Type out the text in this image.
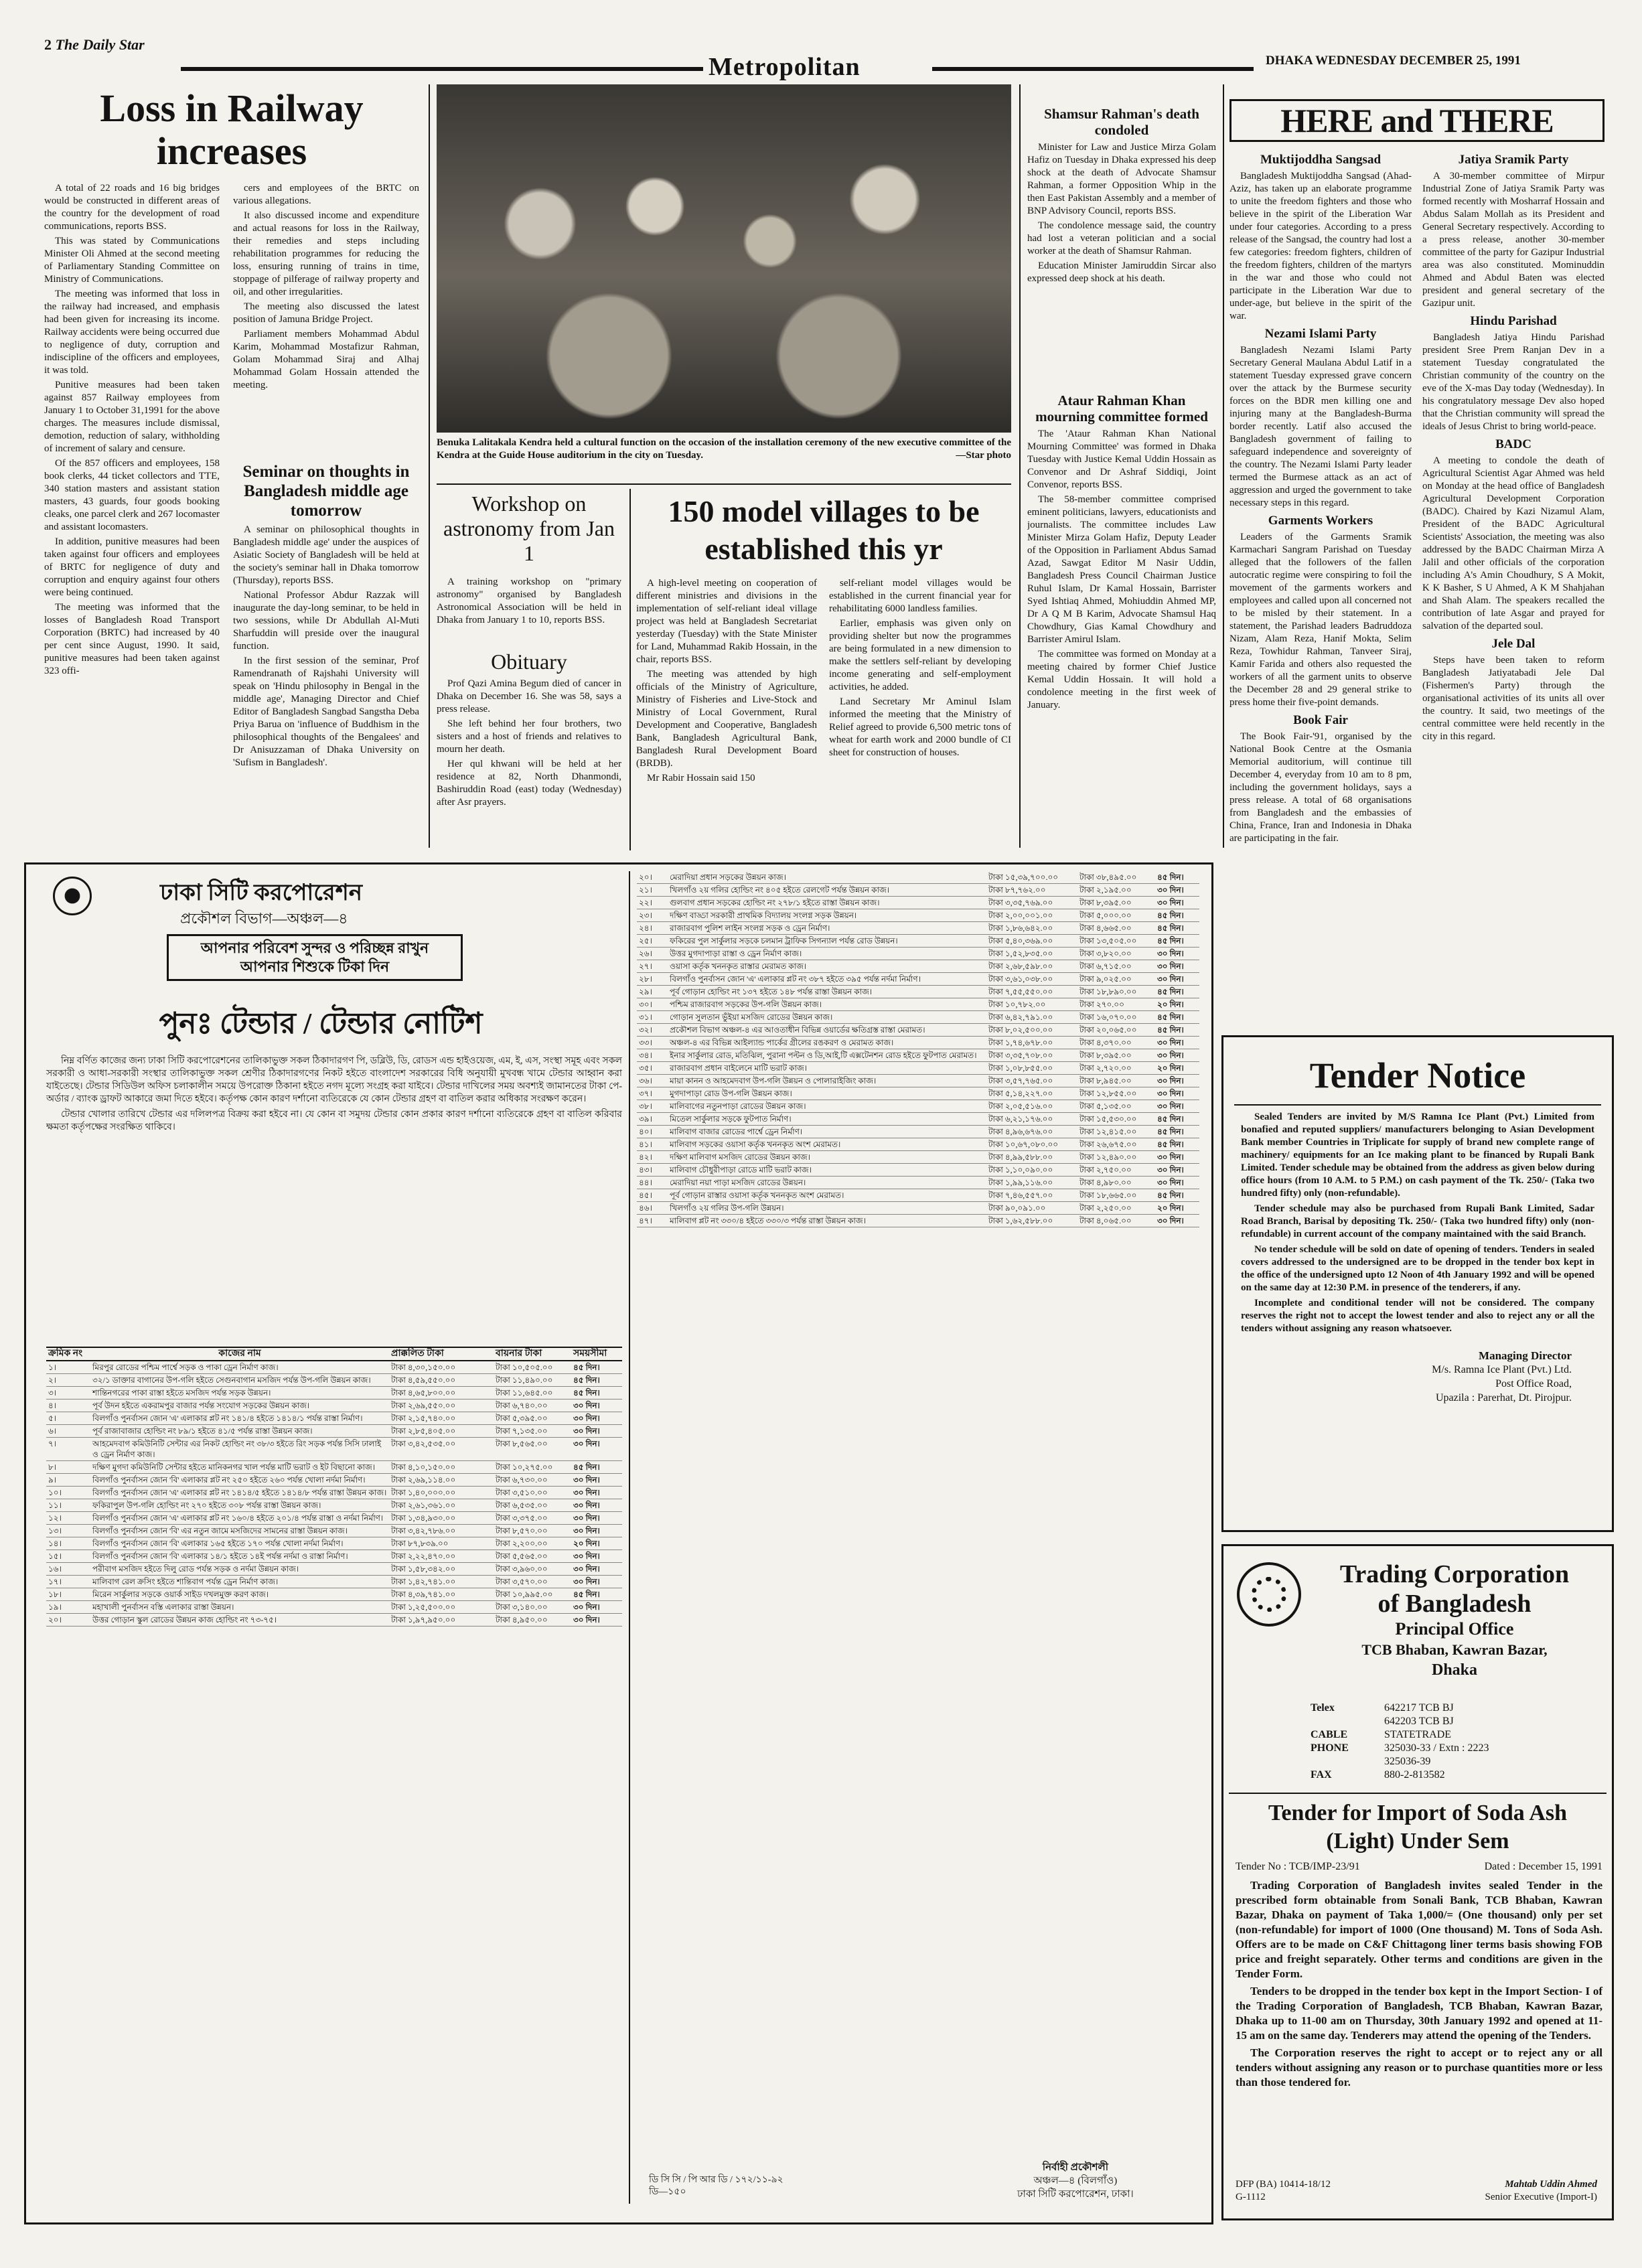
2 The Daily Star
Metropolitan	DHAKA WEDNESDAY DECEMBER 25, 1991
Loss in Railway increases

A total of 22 roads and 16 big bridges would be constructed in different areas of the country for the development of road communications, reports BSS.

This was stated by Communications Minister Oli Ahmed at the second meeting of Parliamentary Standing Committee on Ministry of Communications.

The meeting was informed that loss in the railway had increased, and emphasis had been given for increasing its income. Railway accidents were being occurred due to negligence of duty, corruption and indiscipline of the officers and employees, it was told.

Punitive measures had been taken against 857 Railway employees from January 1 to October 31,1991 for the above charges. The measures include dismissal, demotion, reduction of salary, withholding of increment of salary and censure.

Of the 857 officers and employees, 158 book clerks, 44 ticket collectors and TTE, 340 station masters and assistant station masters, 43 guards, four goods booking cleaks, one parcel clerk and 267 locomaster and assistant locomasters.

In addition, punitive measures had been taken against four officers and employees of BRTC for negligence of duty and corruption and enquiry against four others were being continued.

The meeting was informed that the losses of Bangladesh Road Transport Corporation (BRTC) had increased by 40 per cent since August, 1990. It said, punitive measures had been taken against 323 offi-

cers and employees of the BRTC on various allegations.

It also discussed income and expenditure and actual reasons for loss in the Railway, their remedies and steps including rehabilitation programmes for reducing the loss, ensuring running of trains in time, stoppage of pilferage of railway property and oil, and other irregularities.

The meeting also discussed the latest position of Jamuna Bridge Project.

Parliament members Mohammad Abdul Karim, Mohammad Mostafizur Rahman, Golam Mohammad Siraj and Alhaj Mohammad Golam Hossain attended the meeting.

Seminar on thoughts in Bangladesh middle age tomorrow

A seminar on philosophical thoughts in Bangladesh middle age' under the auspices of Asiatic Society of Bangladesh will be held at the society's seminar hall in Dhaka tomorrow (Thursday), reports BSS.

National Professor Abdur Razzak will inaugurate the day-long seminar, to be held in two sessions, while Dr Abdullah Al-Muti Sharfuddin will preside over the inaugural function.

In the first session of the seminar, Prof Ramendranath of Rajshahi University will speak on 'Hindu philosophy in Bengal in the middle age', Managing Director and Chief Editor of Bangladesh Sangbad Sangstha Deba Priya Barua on 'influence of Buddhism in the philosophical thoughts of the Bengalees' and Dr Anisuzzaman of Dhaka University on 'Sufism in Bangladesh'.

Benuka Lalitakala Kendra held a cultural function on the occasion of the installation ceremony of the new executive committee of the Kendra at the Guide House auditorium in the city on Tuesday.	—Star photo
Workshop on astronomy from Jan 1

A training workshop on "primary astronomy" organised by Bangladesh Astronomical Association will be held in Dhaka from January 1 to 10, reports BSS.

Obituary

Prof Qazi Amina Begum died of cancer in Dhaka on December 16. She was 58, says a press release.

She left behind her four brothers, two sisters and a host of friends and relatives to mourn her death.

Her qul khwani will be held at her residence at 82, North Dhanmondi, Bashiruddin Road (east) today (Wednesday) after Asr prayers.

150 model villages to be established this yr

A high-level meeting on cooperation of different ministries and divisions in the implementation of self-reliant ideal village project was held at Bangladesh Secretariat yesterday (Tuesday) with the State Minister for Land, Muhammad Rakib Hossain, in the chair, reports BSS.

The meeting was attended by high officials of the Ministry of Agriculture, Ministry of Fisheries and Live-Stock and Ministry of Local Government, Rural Development and Cooperative, Bangladesh Bank, Bangladesh Agricultural Bank, Bangladesh Rural Development Board (BRDB).

Mr Rabir Hossain said 150

self-reliant model villages would be established in the current financial year for rehabilitating 6000 landless families.

Earlier, emphasis was given only on providing shelter but now the programmes are being formulated in a new dimension to make the settlers self-reliant by developing income generating and self-employment activities, he added.

Land Secretary Mr Aminul Islam informed the meeting that the Ministry of Relief agreed to provide 6,500 metric tons of wheat for earth work and 2000 bundle of CI sheet for construction of houses.

Shamsur Rahman's death condoled

Minister for Law and Justice Mirza Golam Hafiz on Tuesday in Dhaka expressed his deep shock at the death of Advocate Shamsur Rahman, a former Opposition Whip in the then East Pakistan Assembly and a member of BNP Advisory Council, reports BSS.

The condolence message said, the country had lost a veteran politician and a social worker at the death of Shamsur Rahman.

Education Minister Jamiruddin Sircar also expressed deep shock at his death.

Ataur Rahman Khan mourning committee formed

The 'Ataur Rahman Khan National Mourning Committee' was formed in Dhaka Tuesday with Justice Kemal Uddin Hossain as Convenor and Dr Ashraf Siddiqi, Joint Convenor, reports BSS.

The 58-member committee comprised eminent politicians, lawyers, educationists and journalists. The committee includes Law Minister Mirza Golam Hafiz, Deputy Leader of the Opposition in Parliament Abdus Samad Azad, Sawgat Editor M Nasir Uddin, Bangladesh Press Council Chairman Justice Ruhul Islam, Dr Kamal Hossain, Barrister Syed Ishtiaq Ahmed, Mohiuddin Ahmed MP, Dr A Q M B Karim, Advocate Shamsul Haq Chowdhury, Gias Kamal Chowdhury and Barrister Amirul Islam.

The committee was formed on Monday at a meeting chaired by former Chief Justice Kemal Uddin Hossain. It will hold a condolence meeting in the first week of January.

HERE and THERE
Muktijoddha Sangsad

Bangladesh Muktijoddha Sangsad (Ahad-Aziz, has taken up an elaborate programme to unite the freedom fighters and those who believe in the spirit of the Liberation War under four categories. According to a press release of the Sangsad, the country had lost a few categories: freedom fighters, children of the freedom fighters, children of the martyrs in the war and those who could not participate in the Liberation War due to under-age, but believe in the spirit of the war.

Nezami Islami Party

Bangladesh Nezami Islami Party Secretary General Maulana Abdul Latif in a statement Tuesday expressed grave concern over the attack by the Burmese security forces on the BDR men killing one and injuring many at the Bangladesh-Burma border recently. Latif also accused the Bangladesh government of failing to safeguard independence and sovereignty of the country. The Nezami Islami Party leader termed the Burmese attack as an act of aggression and urged the government to take necessary steps in this regard.

Garments Workers

Leaders of the Garments Sramik Karmachari Sangram Parishad on Tuesday alleged that the followers of the fallen autocratic regime were conspiring to foil the movement of the garments workers and employees and called upon all concerned not to be misled by their statement. In a statement, the Parishad leaders Badruddoza Nizam, Alam Reza, Hanif Mokta, Selim Reza, Towhidur Rahman, Tanveer Siraj, Kamir Farida and others also requested the workers of all the garment units to observe the December 28 and 29 general strike to press home their five-point demands.

Book Fair

The Book Fair-'91, organised by the National Book Centre at the Osmania Memorial auditorium, will continue till December 4, everyday from 10 am to 8 pm, including the government holidays, says a press release. A total of 68 organisations from Bangladesh and the embassies of China, France, Iran and Indonesia in Dhaka are participating in the fair.

Jatiya Sramik Party

A 30-member committee of Mirpur Industrial Zone of Jatiya Sramik Party was formed recently with Mosharraf Hossain and Abdus Salam Mollah as its President and General Secretary respectively. According to a press release, another 30-member committee of the party for Gazipur Industrial area was also constituted. Mominuddin Ahmed and Abdul Baten was elected president and general secretary of the Gazipur unit.

Hindu Parishad

Bangladesh Jatiya Hindu Parishad president Sree Prem Ranjan Dev in a statement Tuesday congratulated the Christian community of the country on the eve of the X-mas Day today (Wednesday). In his congratulatory message Dev also hoped that the Christian community will spread the ideals of Jesus Christ to bring world-peace.

BADC

A meeting to condole the death of Agricultural Scientist Agar Ahmed was held on Monday at the head office of Bangladesh Agricultural Development Corporation (BADC). Chaired by Kazi Nizamul Alam, President of the BADC Agricultural Scientists' Association, the meeting was also addressed by the BADC Chairman Mirza A Jalil and other officials of the corporation including A's Amin Choudhury, S A Mokit, K K Basher, S U Ahmed, A K M Shahjahan and Shah Alam. The speakers recalled the contribution of late Asgar and prayed for salvation of the departed soul.

Jele Dal

Steps have been taken to reform Bangladesh Jatiyatabadi Jele Dal (Fishermen's Party) through the organisational activities of its units all over the country. It said, two meetings of the central committee were held recently in the city in this regard.

Tender Notice

Sealed Tenders are invited by M/S Ramna Ice Plant (Pvt.) Limited from bonafied and reputed suppliers/ manufacturers belonging to Asian Development Bank member Countries in Triplicate for supply of brand new complete range of machinery/ equipments for an Ice making plant to be financed by Rupali Bank Limited. Tender schedule may be obtained from the address as given below during office hours (from 10 A.M. to 5 P.M.) on cash payment of the Tk. 250/- (Taka two hundred fifty) only (non-refundable).

Tender schedule may also be purchased from Rupali Bank Limited, Sadar Road Branch, Barisal by depositing Tk. 250/- (Taka two hundred fifty) only (non-refundable) in current account of the company maintained with the said Branch.

No tender schedule will be sold on date of opening of tenders. Tenders in sealed covers addressed to the undersigned are to be dropped in the tender box kept in the office of the undersigned upto 12 Noon of 4th January 1992 and will be opened on the same day at 12:30 P.M. in presence of the tenderers, if any.

Incomplete and conditional tender will not be considered. The company reserves the right not to accept the lowest tender and also to reject any or all the tenders without assigning any reason whatsoever.

Managing Director
M/s. Ramna Ice Plant (Pvt.) Ltd.
Post Office Road,
Upazila : Parerhat, Dt. Pirojpur.
Trading Corporation
of Bangladesh
Principal Office
TCB Bhaban, Kawran Bazar,
Dhaka
Telex	642217 TCB BJ
642203 TCB BJ
CABLE	STATETRADE
PHONE	325030-33 / Extn : 2223
325036-39
FAX	880-2-813582
Tender for Import of Soda Ash (Light) Under Sem
Tender No : TCB/IMP-23/91	Dated : December 15, 1991

Trading Corporation of Bangladesh invites sealed Tender in the prescribed form obtainable from Sonali Bank, TCB Bhaban, Kawran Bazar, Dhaka on payment of Taka 1,000/= (One thousand) only per set (non-refundable) for import of 1000 (One thousand) M. Tons of Soda Ash. Offers are to be made on C&F Chittagong liner terms basis showing FOB price and freight separately. Other terms and conditions are given in the Tender Form.

Tenders to be dropped in the tender box kept in the Import Section- I of the Trading Corporation of Bangladesh, TCB Bhaban, Kawran Bazar, Dhaka up to 11-00 am on Thursday, 30th January 1992 and opened at 11-15 am on the same day. Tenderers may attend the opening of the Tenders.

The Corporation reserves the right to accept or to reject any or all tenders without assigning any reason or to purchase quantities more or less than those tendered for.

DFP (BA) 10414-18/12
G-1112
Mahtab Uddin Ahmed
Senior Executive (Import-I)
ঢাকা সিটি করপোরেশন
প্রকৌশল বিভাগ—অঞ্চল—৪
আপনার পরিবেশ সুন্দর ও পরিচ্ছন্ন রাখুন
আপনার শিশুকে টিকা দিন
পুনঃ টেন্ডার / টেন্ডার নোটিশ

নিম্ন বর্ণিত কাজের জন্য ঢাকা সিটি করপোরেশনের তালিকাভুক্ত সকল ঠিকাদারগণ পি, ডব্লিউ, ডি, রোডস এন্ড হাইওয়েজ, এম, ই, এস, সংস্থা সমূহ এবং সকল সরকারী ও আধা-সরকারী সংস্থার তালিকাভুক্ত সকল শ্রেণীর ঠিকাদারগণের নিকট হইতে বাংলাদেশ সরকারের বিধি অনুযায়ী মুখবন্ধ খামে টেন্ডার আহ্বান করা যাইতেছে। টেন্ডার সিডিউল অফিস চলাকালীন সময়ে উপরোক্ত ঠিকানা হইতে নগদ মূল্যে সংগ্রহ করা যাইবে। টেন্ডার দাখিলের সময় অবশ্যই জামানতের টাকা পে-অর্ডার / ব্যাংক ড্রাফট আকারে জমা দিতে হইবে। কর্তৃপক্ষ কোন কারণ দর্শানো ব্যতিরেকে যে কোন টেন্ডার গ্রহণ বা বাতিল করার অধিকার সংরক্ষণ করেন।

টেন্ডার খোলার তারিখে টেন্ডার এর দলিলপত্র বিক্রয় করা হইবে না। যে কোন বা সমুদয় টেন্ডার কোন প্রকার কারণ দর্শানো ব্যতিরেকে গ্রহণ বা বাতিল করিবার ক্ষমতা কর্তৃপক্ষের সংরক্ষিত থাকিবে।

ক্রমিক নং	কাজের নাম	প্রাক্কলিত টাকা	বায়নার টাকা	সময়সীমা
১।	মিরপুর রোডের পশ্চিম পার্শ্বে সড়ক ও পাকা ড্রেন নির্মাণ কাজ।	টাকা ৪,৩০,১৫০.০০	টাকা ১০,৫০৫.০০	৪৫ দিন।
২।	৩২/১ ডাক্তার বাগানের উপ-গলি হইতে সেগুনবাগান মসজিদ পর্যন্ত উপ-গলি উন্নয়ন কাজ।	টাকা ৪,৫৯,৫৫০.০০	টাকা ১১,৪৯০.০০	৪৫ দিন।
৩।	শান্তিনগরের পাকা রাস্তা হইতে মসজিদ পর্যন্ত সড়ক উন্নয়ন।	টাকা ৪,৬৫,৮০০.০০	টাকা ১১,৬৪৫.০০	৪৫ দিন।
৪।	পূর্ব উদন হইতে একরামপুর বাজার পর্যন্ত সংযোগ সড়কের উন্নয়ন কাজ।	টাকা ২,৬৯,৫৫০.০০	টাকা ৬,৭৪০.০০	৩০ দিন।
৫।	বিলগাঁও পুনর্বাসন জোন 'এ' এলাকার প্লট নং ১৪১/৪ হইতে ১৪১৪/১ পর্যন্ত রাস্তা নির্মাণ।	টাকা ২,১৫,৭৪০.০০	টাকা ৫,৩৯৫.০০	৩০ দিন।
৬।	পূর্ব রাজাবাজার হোল্ডিং নং ৮৯/১ হইতে ৪১/৫ পর্যন্ত রাস্তা উন্নয়ন কাজ।	টাকা ২,৮৫,৪০৫.০০	টাকা ৭,১৩৫.০০	৩০ দিন।
৭।	আহমেদবাগ কমিউনিটি সেন্টার এর নিকট হোল্ডিং নং ৩৮/৩ হইতে রিং সড়ক পর্যন্ত সিসি ঢালাই ও ড্রেন নির্মাণ কাজ।	টাকা ৩,৪২,৫৩৫.০০	টাকা ৮,৫৬৫.০০	৩০ দিন।
৮।	দক্ষিণ মুগদা কমিউনিটি সেন্টার হইতে মানিকনগর খাল পর্যন্ত মাটি ভরাট ও ইট বিছানো কাজ।	টাকা ৪,১০,১৫০.০০	টাকা ১০,২৭৫.০০	৪৫ দিন।
৯।	বিলগাঁও পুনর্বাসন জোন 'বি' এলাকার প্লট নং ২৫০ হইতে ২৬০ পর্যন্ত খোলা নর্দমা নির্মাণ।	টাকা ২,৬৯,১১৪.০০	টাকা ৬,৭৩০.০০	৩০ দিন।
১০।	বিলগাঁও পুনর্বাসন জোন 'এ' এলাকার প্লট নং ১৪১৪/৫ হইতে ১৪১৪/৮ পর্যন্ত রাস্তা উন্নয়ন কাজ।	টাকা ১,৪০,০০০.০০	টাকা ৩,৫১০.০০	৩০ দিন।
১১।	ফকিরাপুল উপ-গলি হোল্ডিং নং ২৭০ হইতে ৩০৮ পর্যন্ত রাস্তা উন্নয়ন কাজ।	টাকা ২,৬১,৩৬১.০০	টাকা ৬,৫৩৫.০০	৩০ দিন।
১২।	বিলগাঁও পুনর্বাসন জোন 'এ' এলাকার প্লট নং ১৬০/৪ হইতে ২০১/৪ পর্যন্ত রাস্তা ও নর্দমা নির্মাণ।	টাকা ১,৩৪,৯৩০.০০	টাকা ৩,৩৭৫.০০	৩০ দিন।
১৩।	বিলগাঁও পুনর্বাসন জোন 'বি' এর নতুন জামে মসজিদের সামনের রাস্তা উন্নয়ন কাজ।	টাকা ৩,৪২,৭৮৬.০০	টাকা ৮,৫৭০.০০	৩০ দিন।
১৪।	বিলগাঁও পুনর্বাসন জোন 'বি' এলাকার ১৬৫ হইতে ১৭০ পর্যন্ত খোলা নর্দমা নির্মাণ।	টাকা ৮৭,৮৩৯.০০	টাকা ২,২০০.০০	২০ দিন।
১৫।	বিলগাঁও পুনর্বাসন জোন 'বি' এলাকার ১৪/১ হইতে ১৪ই পর্যন্ত নর্দমা ও রাস্তা নির্মাণ।	টাকা ২,২২,৪৭০.০০	টাকা ৫,৫৬৫.০০	৩০ দিন।
১৬।	পরীবাগ মসজিদ হইতে দিলু রোড পর্যন্ত সড়ক ও নর্দমা উন্নয়ন কাজ।	টাকা ১,৫৮,৩৪২.০০	টাকা ৩,৯৬০.০০	৩০ দিন।
১৭।	মালিবাগ রেল ক্রসিং হইতে শান্তিবাগ পর্যন্ত ড্রেন নির্মাণ কাজ।	টাকা ১,৪২,৭৪১.০০	টাকা ৩,৫৭০.০০	৩০ দিন।
১৮।	মিরেন সার্কুলার সড়কে ওয়ার্ক সাইড দখলমুক্ত করণ কাজ।	টাকা ৪,৩৯,৭৪১.০০	টাকা ১০,৯৯৫.০০	৪৫ দিন।
১৯।	মহাখালী পুনর্বাসন বস্তি এলাকার রাস্তা উন্নয়ন।	টাকা ১,২৫,৫০০.০০	টাকা ৩,১৪০.০০	৩০ দিন।
২০।	উত্তর গোড়ান স্কুল রোডের উন্নয়ন কাজ হোল্ডিং নং ৭৩-৭৫।	টাকা ১,৯৭,৯৫০.০০	টাকা ৪,৯৫০.০০	৩০ দিন।
২০।	মেরাদিয়া প্রধান সড়কের উন্নয়ন কাজ।	টাকা ১৫,৩৯,৭০০.০০	টাকা ৩৮,৪৯৫.০০	৪৫ দিন।
২১।	খিলগাঁও ২য় গলির হোল্ডিং নং ৪০৫ হইতে রেলগেট পর্যন্ত উন্নয়ন কাজ।	টাকা ৮৭,৭৬২.০০	টাকা ২,১৯৫.০০	৩০ দিন।
২২।	গুলবাগ প্রধান সড়কের হোল্ডিং নং ২৭৮/১ হইতে রাস্তা উন্নয়ন কাজ।	টাকা ৩,৩৫,৭৬৯.০০	টাকা ৮,৩৯৫.০০	৩০ দিন।
২৩।	দক্ষিণ বাড্ডা সরকারী প্রাথমিক বিদ্যালয় সংলগ্ন সড়ক উন্নয়ন।	টাকা ২,০০,০০১.০০	টাকা ৫,০০০.০০	৪৫ দিন।
২৪।	রাজারবাগ পুলিশ লাইন সংলগ্ন সড়ক ও ড্রেন নির্মাণ।	টাকা ১,৮৬,৬৪২.০০	টাকা ৪,৬৬৫.০০	৪৫ দিন।
২৫।	ফকিরের পুল সার্কুলার সড়কে চলমান ট্রাফিক সিগন্যাল পর্যন্ত রোড উন্নয়ন।	টাকা ৫,৪০,৩৬৯.০০	টাকা ১৩,৫০৫.০০	৪৫ দিন।
২৬।	উত্তর মুগদাপাড়া রাস্তা ও ড্রেন নির্মাণ কাজ।	টাকা ১,৫২,৮৩৫.০০	টাকা ৩,৮২০.০০	৩০ দিন।
২৭।	ওয়াসা কর্তৃক খননকৃত রাস্তার মেরামত কাজ।	টাকা ২,৬৮,৫৯৮.০০	টাকা ৬,৭১৫.০০	৩০ দিন।
২৮।	বিলগাঁও পুনর্বাসন জোন 'এ' এলাকার প্লট নং ৩৮৭ হইতে ৩৯৫ পর্যন্ত নর্দমা নির্মাণ।	টাকা ৩,৬১,০৩৮.০০	টাকা ৯,০২৫.০০	৩০ দিন।
২৯।	পূর্ব গোড়ান হোল্ডিং নং ১৩৭ হইতে ১৪৮ পর্যন্ত রাস্তা উন্নয়ন কাজ।	টাকা ৭,৫৫,৫৫০.০০	টাকা ১৮,৮৯০.০০	৪৫ দিন।
৩০।	পশ্চিম রাজারবাগ সড়কের উপ-গলি উন্নয়ন কাজ।	টাকা ১০,৭৮২.০০	টাকা ২৭০.০০	২০ দিন।
৩১।	গোড়ান সুলতান ভুঁইয়া মসজিদ রোডের উন্নয়ন কাজ।	টাকা ৬,৪২,৭৯১.০০	টাকা ১৬,০৭০.০০	৪৫ দিন।
৩২।	প্রকৌশল বিভাগ অঞ্চল-৪ এর আওতাধীন বিভিন্ন ওয়ার্ডের ক্ষতিগ্রস্ত রাস্তা মেরামত।	টাকা ৮,০২,৫০০.০০	টাকা ২০,০৬৫.০০	৪৫ দিন।
৩৩।	অঞ্চল-৪ এর বিভিন্ন আইল্যান্ড পার্কের গ্রীলের রঙকরণ ও মেরামত কাজ।	টাকা ১,৭৪,৬৭৮.০০	টাকা ৪,৩৭০.০০	৩০ দিন।
৩৪।	ইনার সার্কুলার রোড, মতিঝিল, পুরানা পল্টন ও ডি,আই,টি এক্সটেনশন রোড হইতে ফুটপাত মেরামত।	টাকা ৩,৩৫,৭০৮.০০	টাকা ৮,৩৯৫.০০	৩০ দিন।
৩৫।	রাজারবাগ প্রধান বাইলেনে মাটি ভরাট কাজ।	টাকা ১,০৮,৮৫৫.০০	টাকা ২,৭২০.০০	২০ দিন।
৩৬।	মায়া কানন ও আহমেদবাগ উপ-গলি উন্নয়ন ও পোলারাইজিং কাজ।	টাকা ৩,৫৭,৭৬৫.০০	টাকা ৮,৯৪৫.০০	৩০ দিন।
৩৭।	মুগদাপাড়া রোড উপ-গলি উন্নয়ন কাজ।	টাকা ৫,১৪,২২৭.০০	টাকা ১২,৮৫৫.০০	৩০ দিন।
৩৮।	মালিবাগের নতুনপাড়া রোডের উন্নয়ন কাজ।	টাকা ২,০৫,৫১৬.০০	টাকা ৫,১৩৫.০০	৩০ দিন।
৩৯।	মিতেল সার্কুলার সড়কে ফুটপাত নির্মাণ।	টাকা ৬,২১,১৭৬.০০	টাকা ১৫,৫৩০.০০	৪৫ দিন।
৪০।	মালিবাগ বাজার রোডের পার্শ্বে ড্রেন নির্মাণ।	টাকা ৪,৯৬,৬৭৬.০০	টাকা ১২,৪১৫.০০	৪৫ দিন।
৪১।	মালিবাগ সড়কের ওয়াসা কর্তৃক খননকৃত অংশ মেরামত।	টাকা ১০,৬৭,০৮০.০০	টাকা ২৬,৬৭৫.০০	৪৫ দিন।
৪২।	দক্ষিণ মালিবাগ মসজিদ রোডের উন্নয়ন কাজ।	টাকা ৪,৯৯,৫৮৮.০০	টাকা ১২,৪৯০.০০	৩০ দিন।
৪৩।	মালিবাগ চৌধুরীপাড়া রোডে মাটি ভরাট কাজ।	টাকা ১,১০,০৯০.০০	টাকা ২,৭৫০.০০	৩০ দিন।
৪৪।	মেরাদিয়া নয়া পাড়া মসজিদ রোডের উন্নয়ন।	টাকা ১,৯৯,১১৬.০০	টাকা ৪,৯৮০.০০	৩০ দিন।
৪৫।	পূর্ব গোড়ান রাস্তার ওয়াসা কর্তৃক খননকৃত অংশ মেরামত।	টাকা ৭,৪৬,৫৫৭.০০	টাকা ১৮,৬৬৫.০০	৪৫ দিন।
৪৬।	খিলগাঁও ২য় গলির উপ-গলি উন্নয়ন।	টাকা ৯০,০৯১.০০	টাকা ২,২৫০.০০	২০ দিন।
৪৭।	মালিবাগ প্লট নং ৩৩০/৪ হইতে ৩৩০/৩ পর্যন্ত রাস্তা উন্নয়ন কাজ।	টাকা ১,৬২,৫৮৮.০০	টাকা ৪,০৬৫.০০	৩০ দিন।
ডি সি সি / পি আর ডি / ১৭২/১১-৯২
ডি—১৫০
নির্বাহী প্রকৌশলী
অঞ্চল—৪ (বিলগাঁও)
ঢাকা সিটি করপোরেশন, ঢাকা।
